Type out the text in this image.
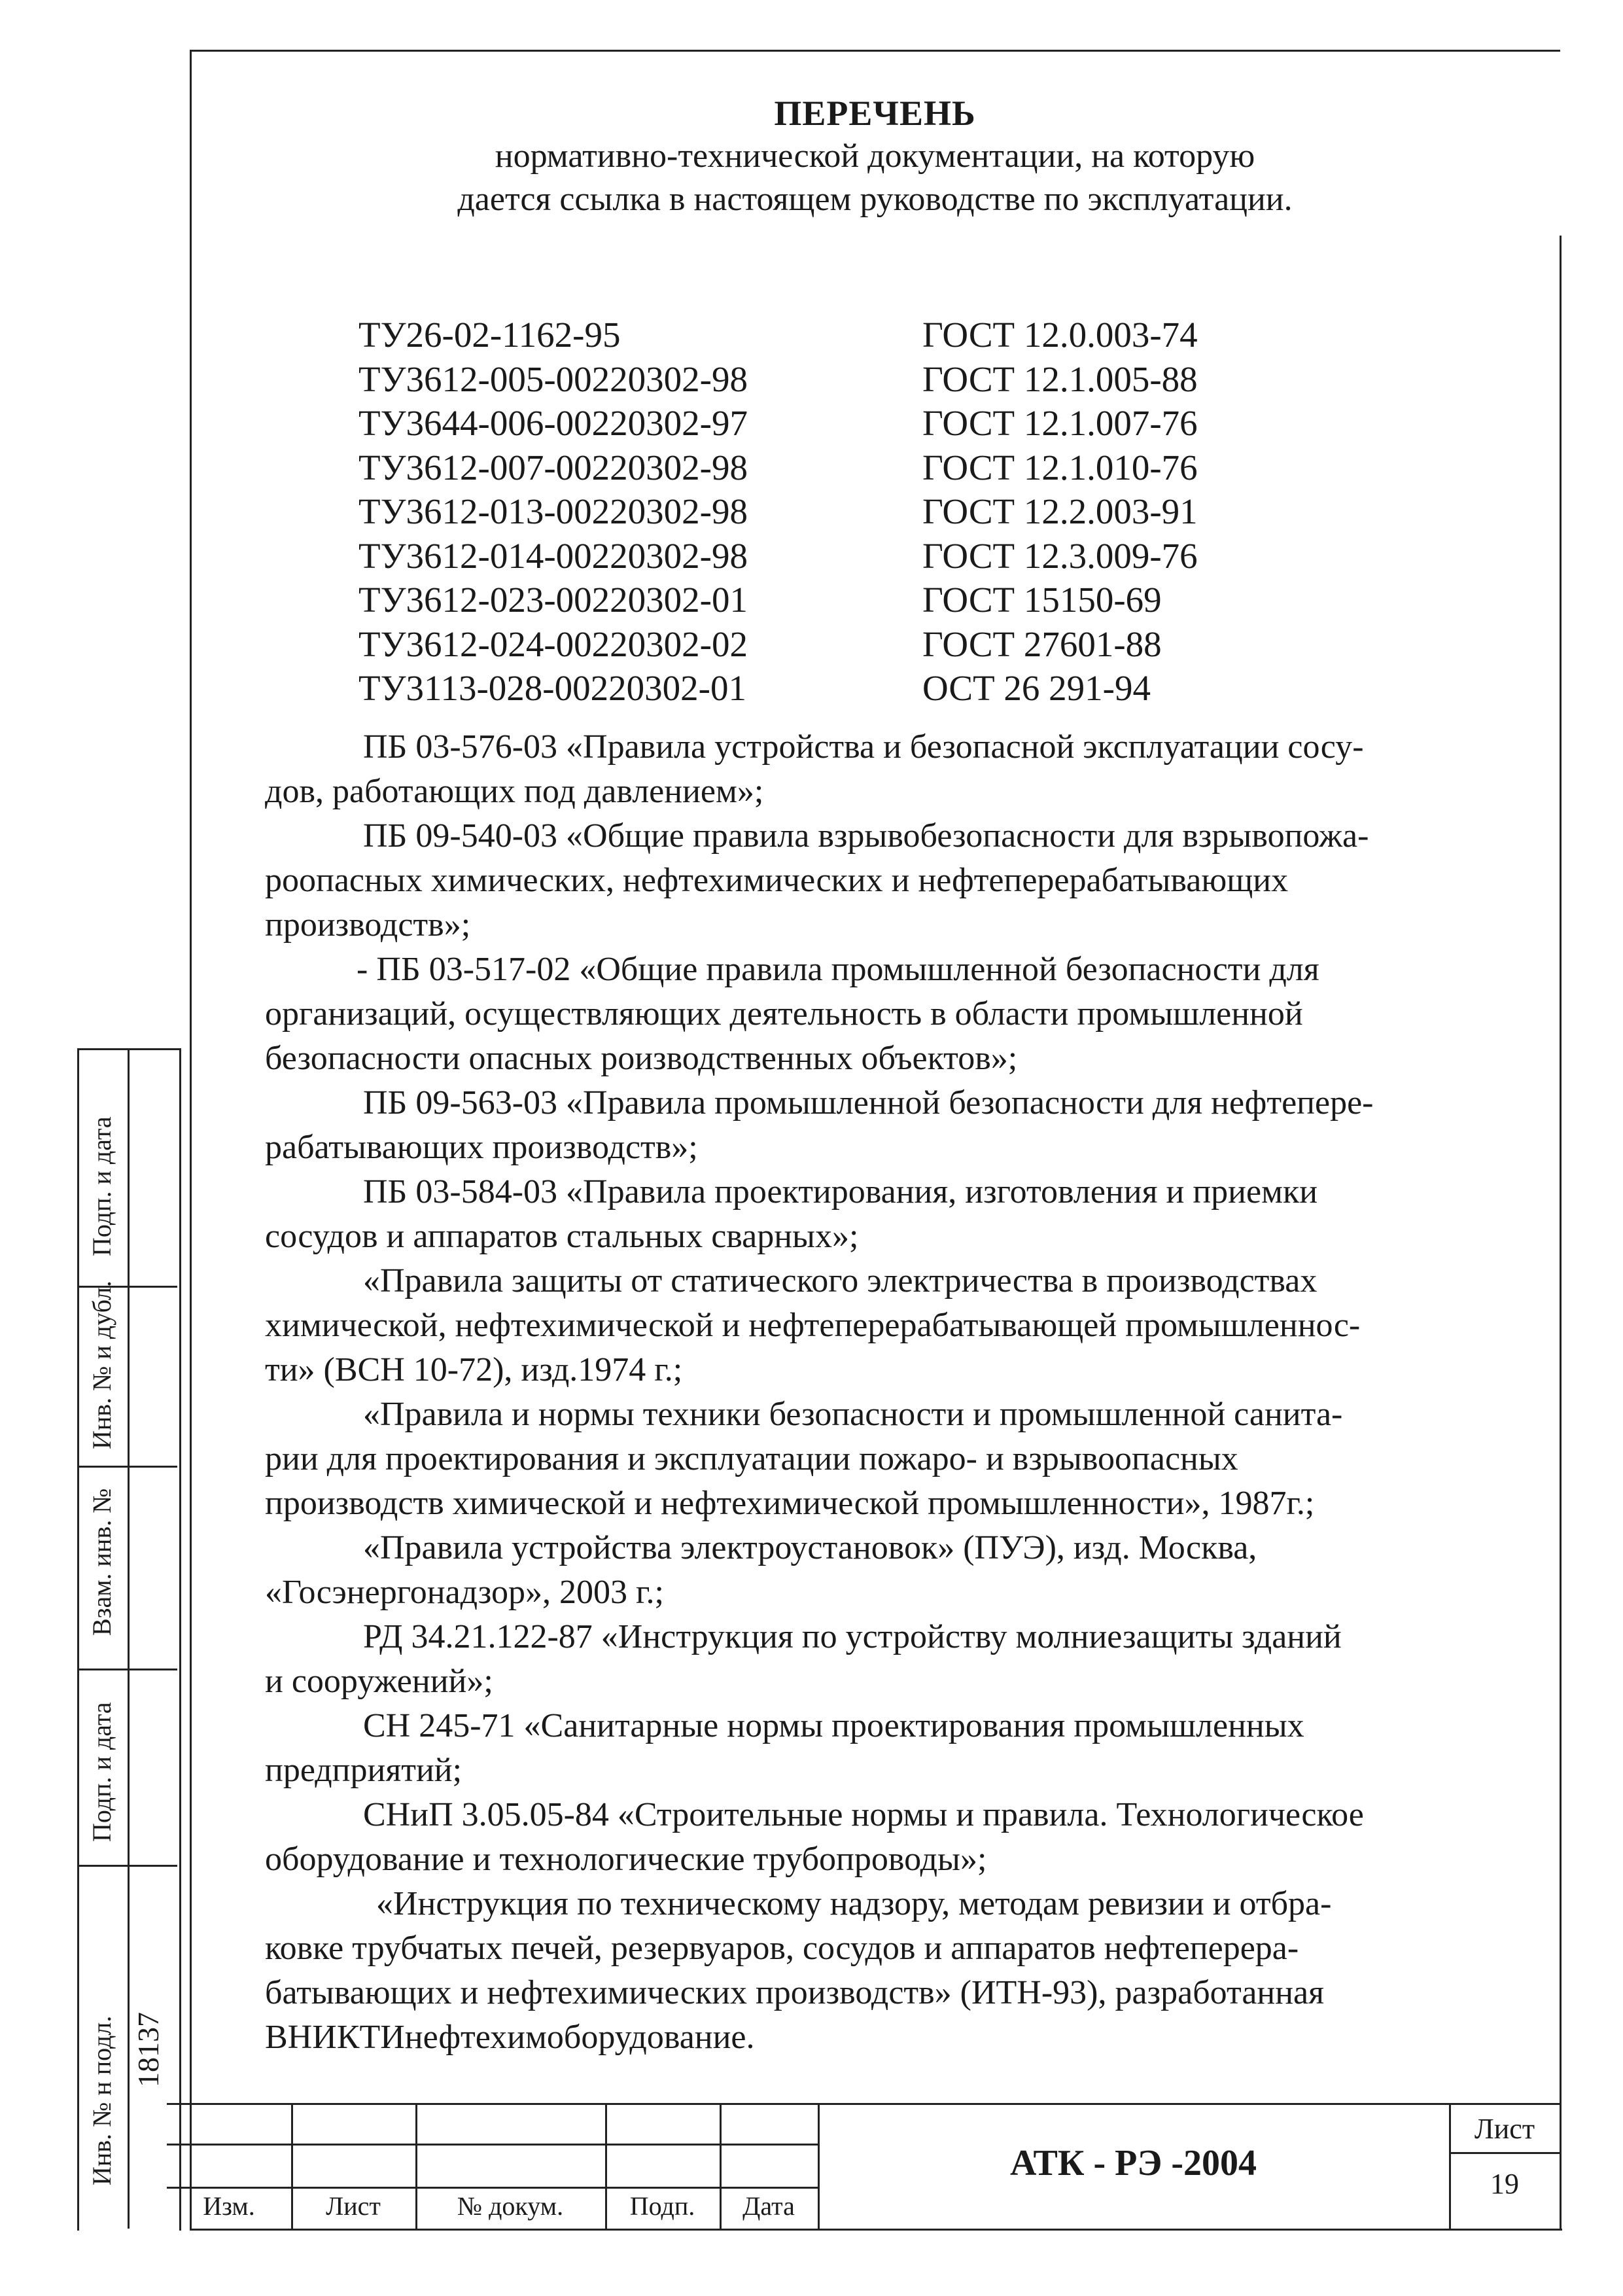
ПЕРЕЧЕНЬ
нормативно-технической документации, на которую
дается ссылка в настоящем руководстве по эксплуатации.
ТУ26-02-1162-95	ГОСТ 12.0.003-74
ТУ3612-005-00220302-98	ГОСТ 12.1.005-88
ТУ3644-006-00220302-97	ГОСТ 12.1.007-76
ТУ3612-007-00220302-98	ГОСТ 12.1.010-76
ТУ3612-013-00220302-98	ГОСТ 12.2.003-91
ТУ3612-014-00220302-98	ГОСТ 12.3.009-76
ТУ3612-023-00220302-01	ГОСТ 15150-69
ТУ3612-024-00220302-02	ГОСТ 27601-88
ТУ3113-028-00220302-01	ОСТ 26 291-94
ПБ 03-576-03 «Правила устройства и безопасной эксплуатации сосу-
дов, работающих под давлением»;
ПБ 09-540-03 «Общие правила взрывобезопасности для взрывопожа-
роопасных химических, нефтехимических и нефтеперерабатывающих
производств»;
- ПБ 03-517-02 «Общие правила промышленной безопасности для
организаций, осуществляющих деятельность в области промышленной
безопасности опасных роизводственных объектов»;
ПБ 09-563-03 «Правила промышленной безопасности для нефтепере-
рабатывающих производств»;
ПБ 03-584-03 «Правила проектирования, изготовления и приемки
сосудов и аппаратов стальных сварных»;
«Правила защиты от статического электричества в производствах
химической, нефтехимической и нефтеперерабатывающей промышленнос-
ти» (ВСН 10-72), изд.1974 г.;
«Правила и нормы техники безопасности и промышленной санита-
рии для проектирования и эксплуатации пожаро- и взрывоопасных
производств химической и нефтехимической промышленности», 1987г.;
«Правила устройства электроустановок» (ПУЭ), изд. Москва,
«Госэнергонадзор», 2003 г.;
РД 34.21.122-87 «Инструкция по устройству молниезащиты зданий
и сооружений»;
СН 245-71 «Санитарные нормы проектирования промышленных
предприятий;
СНиП 3.05.05-84 «Строительные нормы и правила. Технологическое
оборудование и технологические трубопроводы»;
«Инструкция по техническому надзору, методам ревизии и отбра-
ковке трубчатых печей, резервуаров, сосудов и аппаратов нефтеперера-
батывающих и нефтехимических производств» (ИТН-93), разработанная
ВНИКТИнефтехимоборудование.
Подп. и дата
Инв. № и дубл.
Взам. инв. №
Подп. и дата
Инв. № н подл. 18137
Изм.	Лист	№ докум.	Подп.	Дата
АТК - РЭ -2004
Лист
19
